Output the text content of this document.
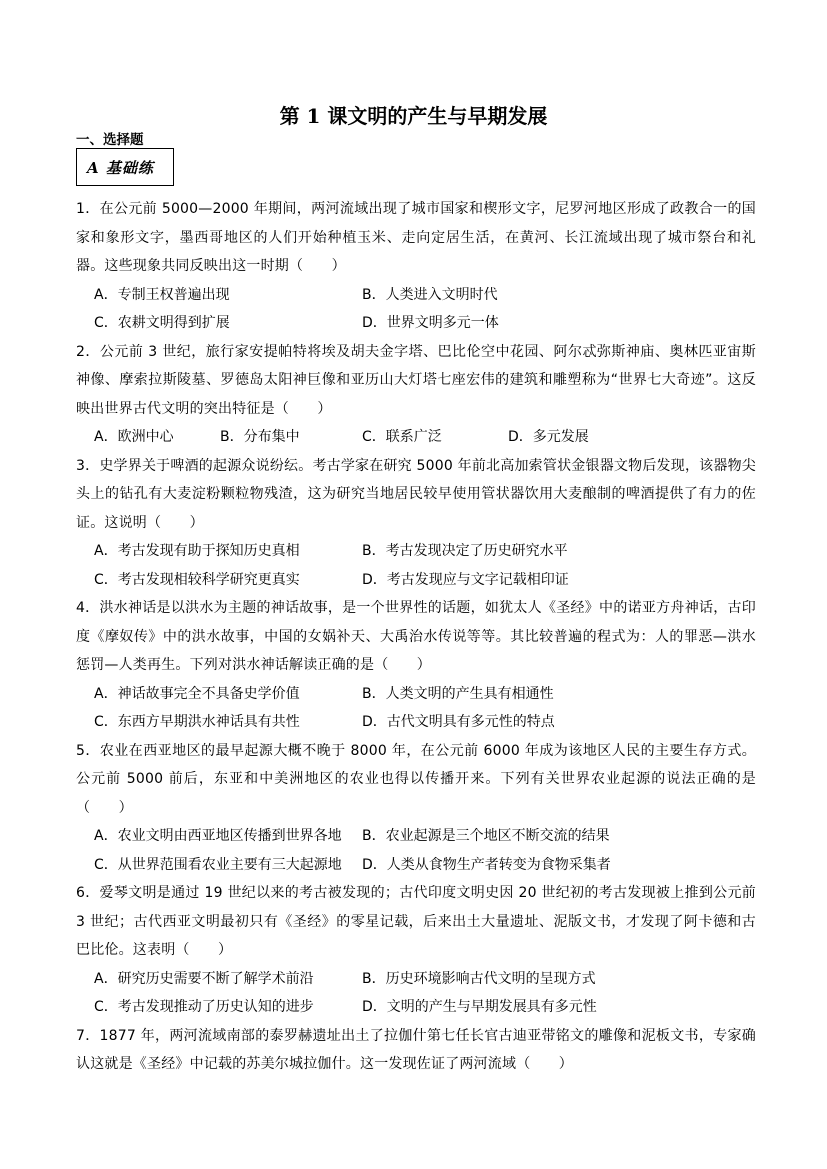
第 1 课文明的产生与早期发展
一、选择题
A 基础练

1．在公元前 5000—2000 年期间，两河流域出现了城市国家和楔形文字，尼罗河地区形成了政教合一的国家和象形文字，墨西哥地区的人们开始种植玉米、走向定居生活，在黄河、长江流域出现了城市祭台和礼器。这些现象共同反映出这一时期（　　）

A．专制王权普遍出现	B．人类进入文明时代
C．农耕文明得到扩展	D．世界文明多元一体

2．公元前 3 世纪，旅行家安提帕特将埃及胡夫金字塔、巴比伦空中花园、阿尔忒弥斯神庙、奥林匹亚宙斯神像、摩索拉斯陵墓、罗德岛太阳神巨像和亚历山大灯塔七座宏伟的建筑和雕塑称为“世界七大奇迹”。这反映出世界古代文明的突出特征是（　　）

A．欧洲中心	B．分布集中	C．联系广泛	D．多元发展

3．史学界关于啤酒的起源众说纷纭。考古学家在研究 5000 年前北高加索管状金银器文物后发现，该器物尖头上的钻孔有大麦淀粉颗粒物残渣，这为研究当地居民较早使用管状器饮用大麦酿制的啤酒提供了有力的佐证。这说明（　　）

A．考古发现有助于探知历史真相	B．考古发现决定了历史研究水平
C．考古发现相较科学研究更真实	D．考古发现应与文字记载相印证

4．洪水神话是以洪水为主题的神话故事，是一个世界性的话题，如犹太人《圣经》中的诺亚方舟神话，古印度《摩奴传》中的洪水故事，中国的女娲补天、大禹治水传说等等。其比较普遍的程式为：人的罪恶—洪水惩罚—人类再生。下列对洪水神话解读正确的是（　　）

A．神话故事完全不具备史学价值	B．人类文明的产生具有相通性
C．东西方早期洪水神话具有共性	D．古代文明具有多元性的特点

5．农业在西亚地区的最早起源大概不晚于 8000 年，在公元前 6000 年成为该地区人民的主要生存方式。公元前 5000 前后，东亚和中美洲地区的农业也得以传播开来。下列有关世界农业起源的说法正确的是（　　）

A．农业文明由西亚地区传播到世界各地 B．农业起源是三个地区不断交流的结果
C．从世界范围看农业主要有三大起源地 D．人类从食物生产者转变为食物采集者

6．爱琴文明是通过 19 世纪以来的考古被发现的；古代印度文明史因 20 世纪初的考古发现被上推到公元前 3 世纪；古代西亚文明最初只有《圣经》的零星记载，后来出土大量遗址、泥版文书，才发现了阿卡德和古巴比伦。这表明（　　）

A．研究历史需要不断了解学术前沿	B．历史环境影响古代文明的呈现方式
C．考古发现推动了历史认知的进步	D．文明的产生与早期发展具有多元性

7．1877 年，两河流域南部的泰罗赫遗址出土了拉伽什第七任长官古迪亚带铭文的雕像和泥板文书，专家确认这就是《圣经》中记载的苏美尔城拉伽什。这一发现佐证了两河流域（　　）
